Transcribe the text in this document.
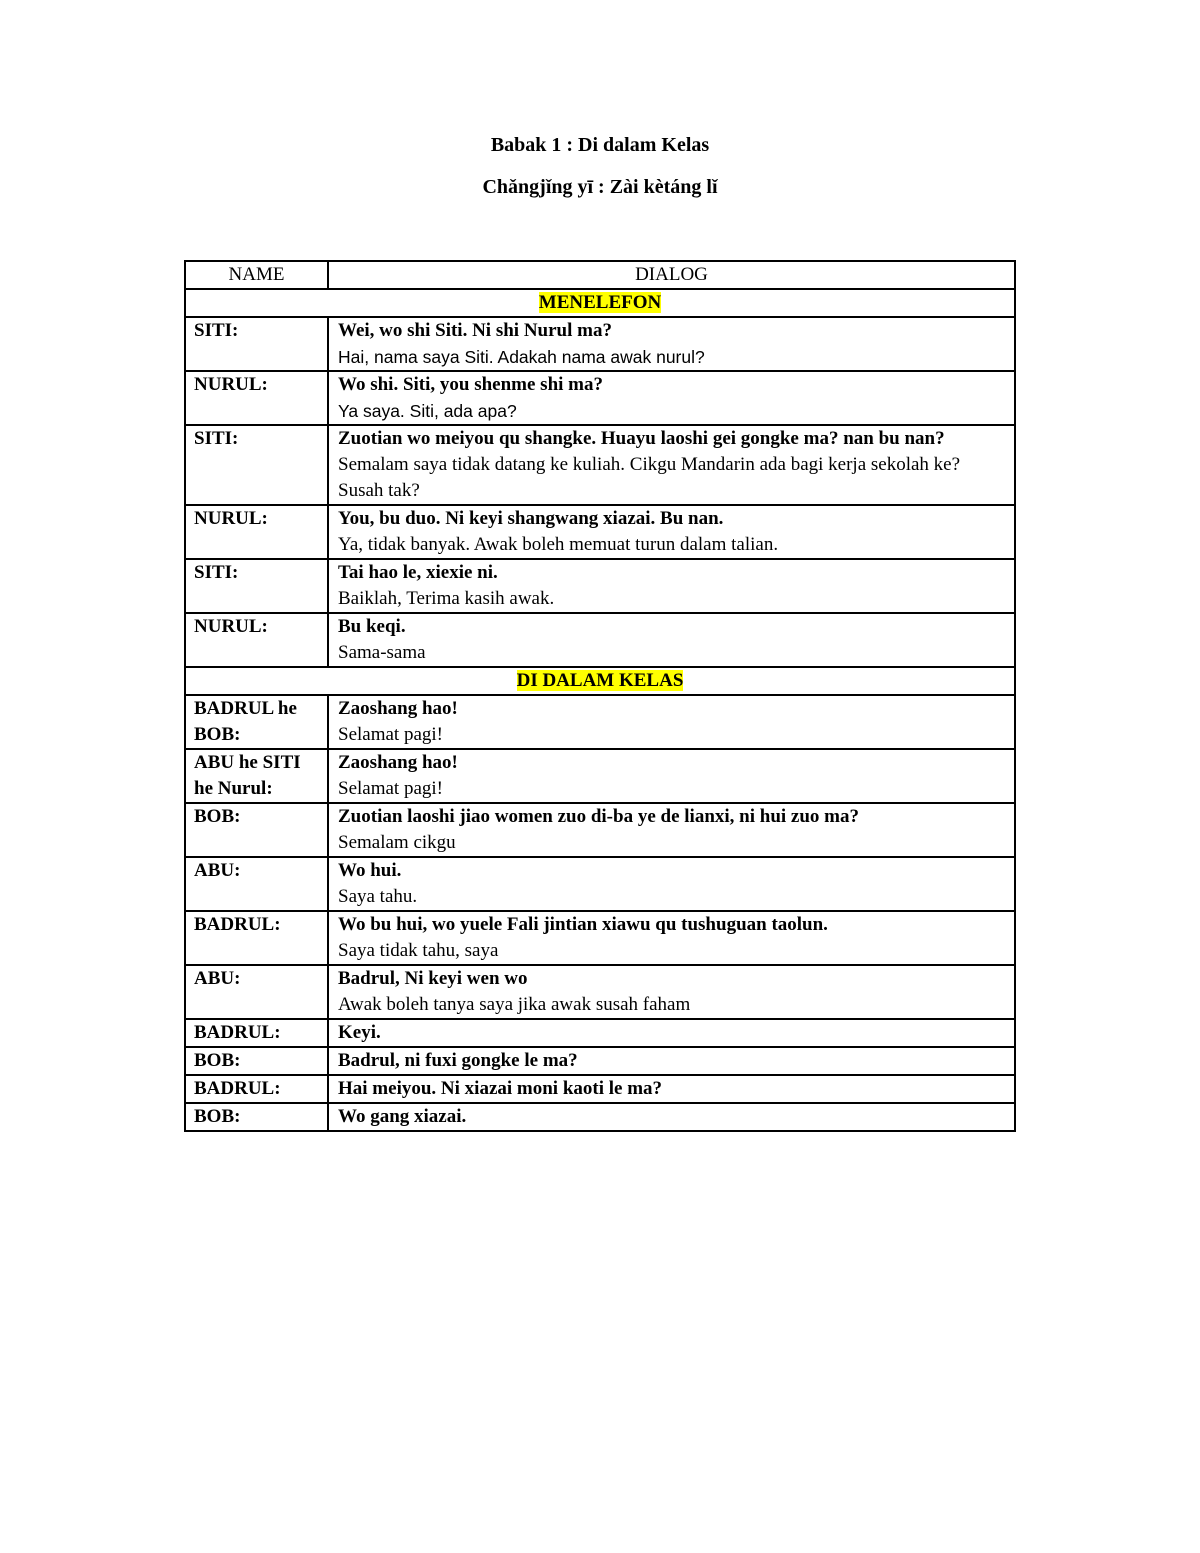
Babak 1 : Di dalam Kelas
Chǎngjǐng yī : Zài kètáng lǐ
NAME	DIALOG
MENELEFON	
SITI:	Wei, wo shi Siti. Ni shi Nurul ma?
Hai, nama saya Siti. Adakah nama awak nurul?

NURUL:	Wo shi. Siti, you shenme shi ma?
Ya saya. Siti, ada apa?

SITI:	Zuotian wo meiyou qu shangke. Huayu laoshi gei gongke ma? nan bu nan?
Semalam saya tidak datang ke kuliah. Cikgu Mandarin ada bagi kerja sekolah ke? Susah tak?

NURUL:	You, bu duo. Ni keyi shangwang xiazai. Bu nan.
Ya, tidak banyak. Awak boleh memuat turun dalam talian.

SITI:	Tai hao le, xiexie ni.
Baiklah, Terima kasih awak.

NURUL:	Bu keqi.
Sama-sama

DI DALAM KELAS	
BADRUL he BOB:	Zaoshang hao!
Selamat pagi!

ABU he SITI he Nurul:	Zaoshang hao!
Selamat pagi!

BOB:	Zuotian laoshi jiao women zuo di-ba ye de lianxi, ni hui zuo ma?
Semalam cikgu

ABU:	Wo hui.
Saya tahu.

BADRUL:	Wo bu hui, wo yuele Fali jintian xiawu qu tushuguan taolun.
Saya tidak tahu, saya

ABU:	Badrul, Ni keyi wen wo
Awak boleh tanya saya jika awak susah faham

BADRUL:	Keyi.

BOB:	Badrul, ni fuxi gongke le ma?

BADRUL:	Hai meiyou. Ni xiazai moni kaoti le ma?

BOB:	Wo gang xiazai.
